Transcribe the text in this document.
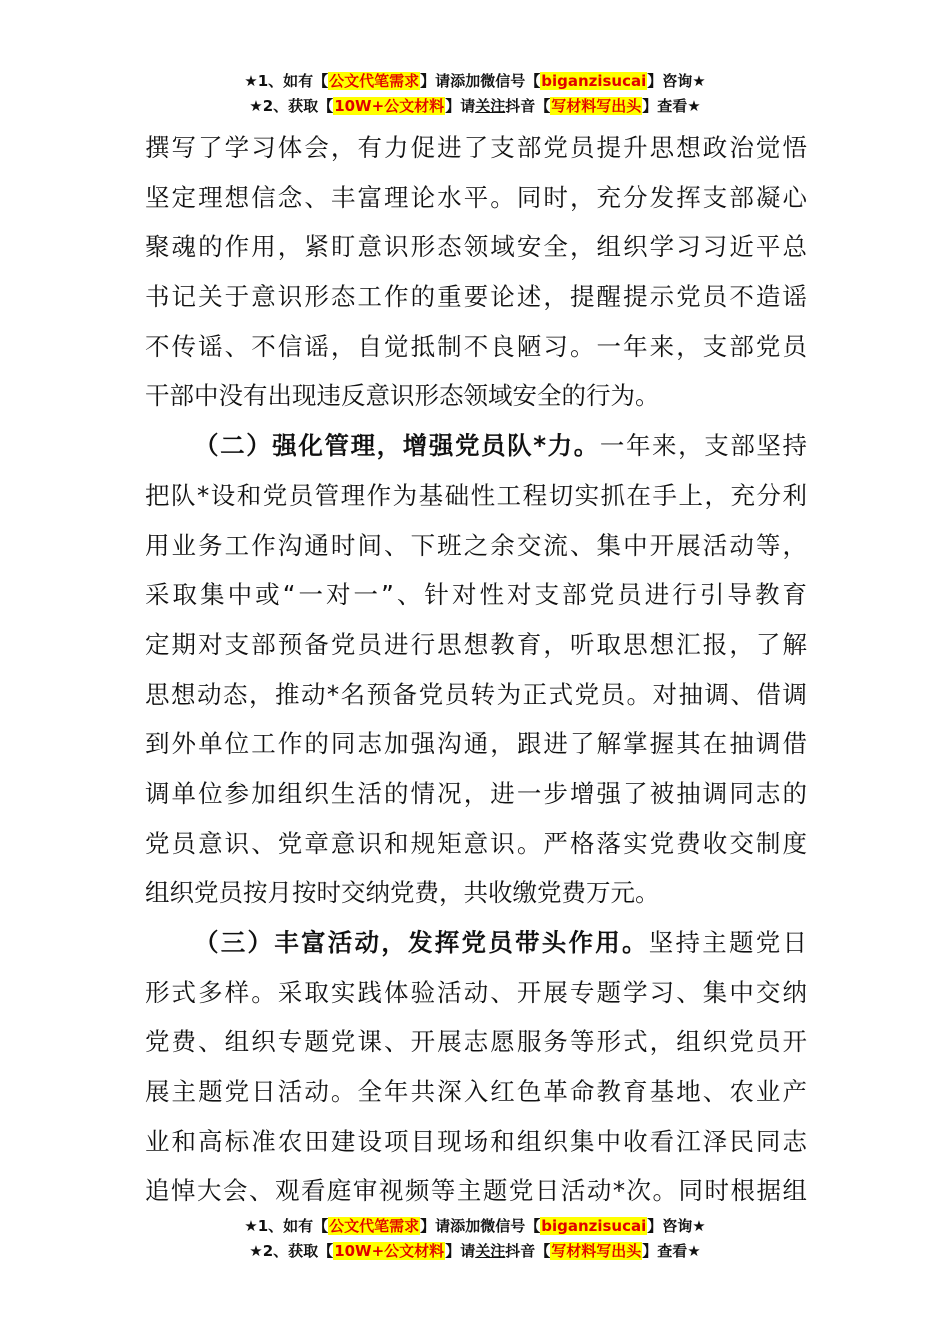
★1、如有【公文代笔需求】请添加微信号【biganzisucai】咨询★
★2、获取【10W+公文材料】请关注抖音【写材料写出头】查看★
撰写了学习体会，有力促进了支部党员提升思想政治觉悟
坚定理想信念、丰富理论水平。同时，充分发挥支部凝心
聚魂的作用，紧盯意识形态领域安全，组织学习习近平总
书记关于意识形态工作的重要论述，提醒提示党员不造谣
不传谣、不信谣，自觉抵制不良陋习。一年来，支部党员
干部中没有出现违反意识形态领域安全的行为。
（二）强化管理，增强党员队*力。一年来，支部坚持
把队*设和党员管理作为基础性工程切实抓在手上，充分利
用业务工作沟通时间、下班之余交流、集中开展活动等，
采取集中或“一对一”、针对性对支部党员进行引导教育
定期对支部预备党员进行思想教育，听取思想汇报，了解
思想动态，推动*名预备党员转为正式党员。对抽调、借调
到外单位工作的同志加强沟通，跟进了解掌握其在抽调借
调单位参加组织生活的情况，进一步增强了被抽调同志的
党员意识、党章意识和规矩意识。严格落实党费收交制度
组织党员按月按时交纳党费，共收缴党费万元。
（三）丰富活动，发挥党员带头作用。坚持主题党日
形式多样。采取实践体验活动、开展专题学习、集中交纳
党费、组织专题党课、开展志愿服务等形式，组织党员开
展主题党日活动。全年共深入红色革命教育基地、农业产
业和高标准农田建设项目现场和组织集中收看江泽民同志
追悼大会、观看庭审视频等主题党日活动*次。同时根据组
★1、如有【公文代笔需求】请添加微信号【biganzisucai】咨询★
★2、获取【10W+公文材料】请关注抖音【写材料写出头】查看★
